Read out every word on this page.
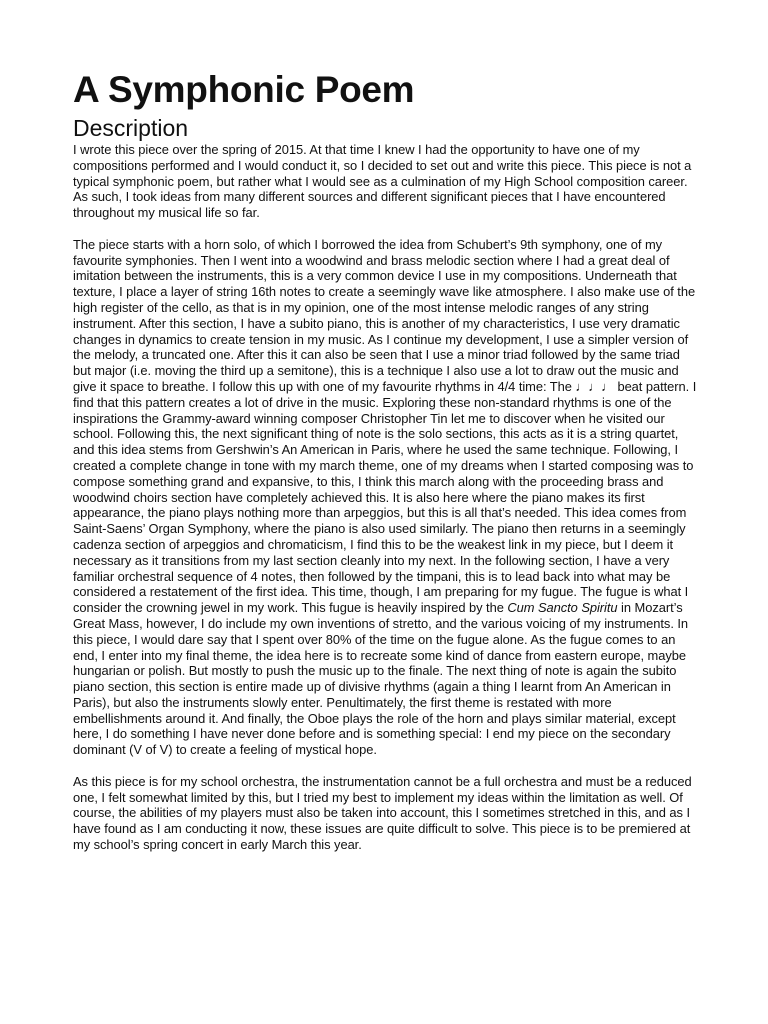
A Symphonic Poem
Description

I wrote this piece over the spring of 2015. At that time I knew I had the opportunity to have one of my compositions performed and I would conduct it, so I decided to set out and write this piece. This piece is not a typical symphonic poem, but rather what I would see as a culmination of my High School composition career. As such, I took ideas from many different sources and different significant pieces that I have encountered throughout my musical life so far.

The piece starts with a horn solo, of which I borrowed the idea from Schubert’s 9th symphony, one of my favourite symphonies. Then I went into a woodwind and brass melodic section where I had a great deal of imitation between the instruments, this is a very common device I use in my compositions. Underneath that texture, I place a layer of string 16th notes to create a seemingly wave like atmosphere. I also make use of the high register of the cello, as that is in my opinion, one of the most intense melodic ranges of any string instrument. After this section, I have a subito piano, this is another of my characteristics, I use very dramatic changes in dynamics to create tension in my music. As I continue my development, I use a simpler version of the melody, a truncated one. After this it can also be seen that I use a minor triad followed by the same triad but major (i.e. moving the third up a semitone), this is a technique I also use a lot to draw out the music and give it space to breathe. I follow this up with one of my favourite rhythms in 4/4 time: The ♩♩♩ beat pattern. I find that this pattern creates a lot of drive in the music. Exploring these non-standard rhythms is one of the inspirations the Grammy-award winning composer Christopher Tin let me to discover when he visited our school. Following this, the next significant thing of note is the solo sections, this acts as it is a string quartet, and this idea stems from Gershwin’s An American in Paris, where he used the same technique. Following, I created a complete change in tone with my march theme, one of my dreams when I started composing was to compose something grand and expansive, to this, I think this march along with the proceeding brass and woodwind choirs section have completely achieved this. It is also here where the piano makes its first appearance, the piano plays nothing more than arpeggios, but this is all that’s needed. This idea comes from Saint-Saens’ Organ Symphony, where the piano is also used similarly. The piano then returns in a seemingly cadenza section of arpeggios and chromaticism, I find this to be the weakest link in my piece, but I deem it necessary as it transitions from my last section cleanly into my next. In the following section, I have a very familiar orchestral sequence of 4 notes, then followed by the timpani, this is to lead back into what may be considered a restatement of the first idea. This time, though, I am preparing for my fugue. The fugue is what I consider the crowning jewel in my work. This fugue is heavily inspired by the Cum Sancto Spiritu in Mozart’s Great Mass, however, I do include my own inventions of stretto, and the various voicing of my instruments. In this piece, I would dare say that I spent over 80% of the time on the fugue alone. As the fugue comes to an end, I enter into my final theme, the idea here is to recreate some kind of dance from eastern europe, maybe hungarian or polish. But mostly to push the music up to the finale. The next thing of note is again the subito piano section, this section is entire made up of divisive rhythms (again a thing I learnt from An American in Paris), but also the instruments slowly enter. Penultimately, the first theme is restated with more embellishments around it. And finally, the Oboe plays the role of the horn and plays similar material, except here, I do something I have never done before and is something special: I end my piece on the secondary dominant (V of V) to create a feeling of mystical hope.

As this piece is for my school orchestra, the instrumentation cannot be a full orchestra and must be a reduced one, I felt somewhat limited by this, but I tried my best to implement my ideas within the limitation as well. Of course, the abilities of my players must also be taken into account, this I sometimes stretched in this, and as I have found as I am conducting it now, these issues are quite difficult to solve. This piece is to be premiered at my school’s spring concert in early March this year.
